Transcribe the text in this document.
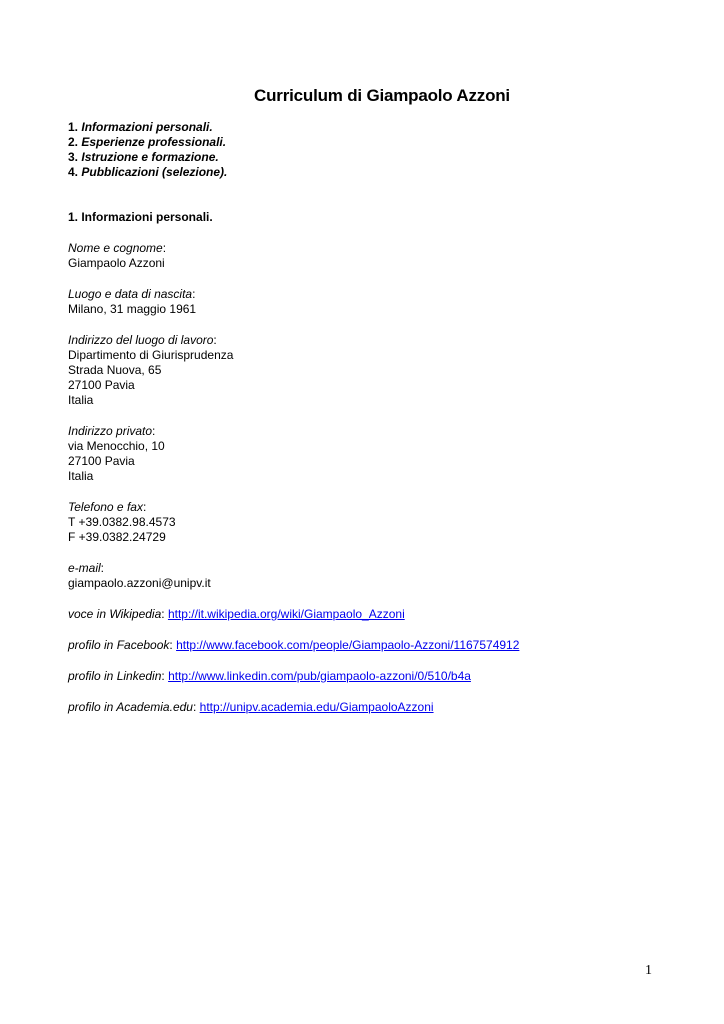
Curriculum di Giampaolo Azzoni
1. Informazioni personali.
2. Esperienze professionali.
3. Istruzione e formazione.
4. Pubblicazioni (selezione).
1. Informazioni personali.
Nome e cognome:
Giampaolo Azzoni
Luogo e data di nascita:
Milano, 31 maggio 1961
Indirizzo del luogo di lavoro:
Dipartimento di Giurisprudenza
Strada Nuova, 65
27100 Pavia
Italia
Indirizzo privato:
via Menocchio, 10
27100 Pavia
Italia
Telefono e fax:
T +39.0382.98.4573
F +39.0382.24729
e-mail:
giampaolo.azzoni@unipv.it
voce in Wikipedia: http://it.wikipedia.org/wiki/Giampaolo_Azzoni
profilo in Facebook: http://www.facebook.com/people/Giampaolo-Azzoni/1167574912
profilo in Linkedin: http://www.linkedin.com/pub/giampaolo-azzoni/0/510/b4a
profilo in Academia.edu: http://unipv.academia.edu/GiampaoloAzzoni
1
